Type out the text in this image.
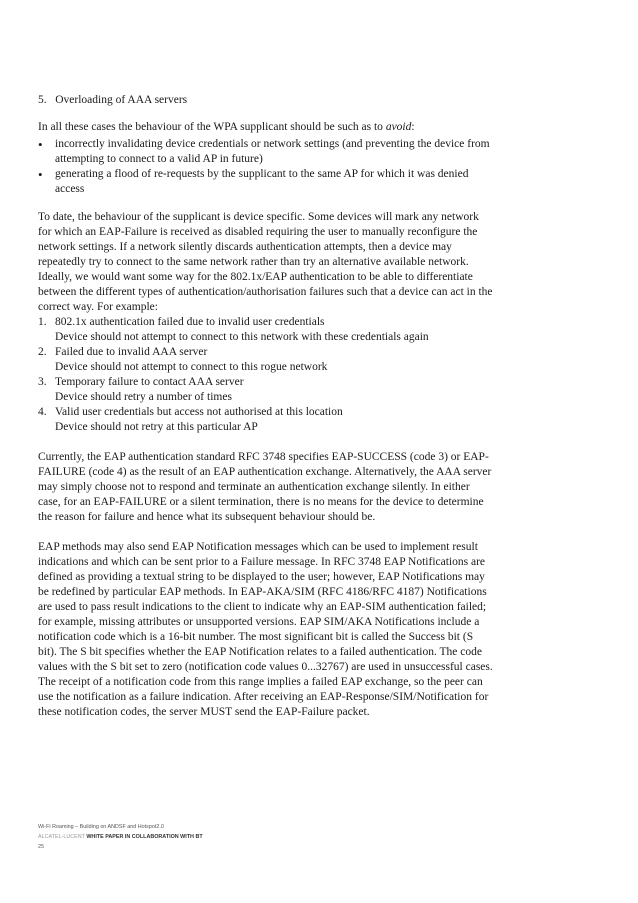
5.   Overloading of AAA servers

In all these cases the behaviour of the WPA supplicant should be such as to avoid:

• incorrectly invalidating device credentials or network settings (and preventing the device from attempting to connect to a valid AP in future)
• generating a flood of re-requests by the supplicant to the same AP for which it was denied access

To date, the behaviour of the supplicant is device specific. Some devices will mark any network for which an EAP-Failure is received as disabled requiring the user to manually reconfigure the network settings. If a network silently discards authentication attempts, then a device may repeatedly try to connect to the same network rather than try an alternative available network. Ideally, we would want some way for the 802.1x/EAP authentication to be able to differentiate between the different types of authentication/authorisation failures such that a device can act in the correct way. For example:

1. 802.1x authentication failed due to invalid user credentials
Device should not attempt to connect to this network with these credentials again
2. Failed due to invalid AAA server
Device should not attempt to connect to this rogue network
3. Temporary failure to contact AAA server
Device should retry a number of times
4. Valid user credentials but access not authorised at this location
Device should not retry at this particular AP

Currently, the EAP authentication standard RFC 3748 specifies EAP-SUCCESS (code 3) or EAP-FAILURE (code 4) as the result of an EAP authentication exchange. Alternatively, the AAA server may simply choose not to respond and terminate an authentication exchange silently. In either case, for an EAP-FAILURE or a silent termination, there is no means for the device to determine the reason for failure and hence what its subsequent behaviour should be.

EAP methods may also send EAP Notification messages which can be used to implement result indications and which can be sent prior to a Failure message. In RFC 3748 EAP Notifications are defined as providing a textual string to be displayed to the user; however, EAP Notifications may be redefined by particular EAP methods. In EAP-AKA/SIM (RFC 4186/RFC 4187) Notifications are used to pass result indications to the client to indicate why an EAP-SIM authentication failed; for example, missing attributes or unsupported versions. EAP SIM/AKA Notifications include a notification code which is a 16-bit number. The most significant bit is called the Success bit (S bit). The S bit specifies whether the EAP Notification relates to a failed authentication. The code values with the S bit set to zero (notification code values 0...32767) are used in unsuccessful cases. The receipt of a notification code from this range implies a failed EAP exchange, so the peer can use the notification as a failure indication. After receiving an EAP-Response/SIM/Notification for these notification codes, the server MUST send the EAP-Failure packet.

Wi-Fi Roaming – Building on ANDSF and Hotspot2.0
ALCATEL-LUCENT WHITE PAPER IN COLLABORATION WITH BT
25
